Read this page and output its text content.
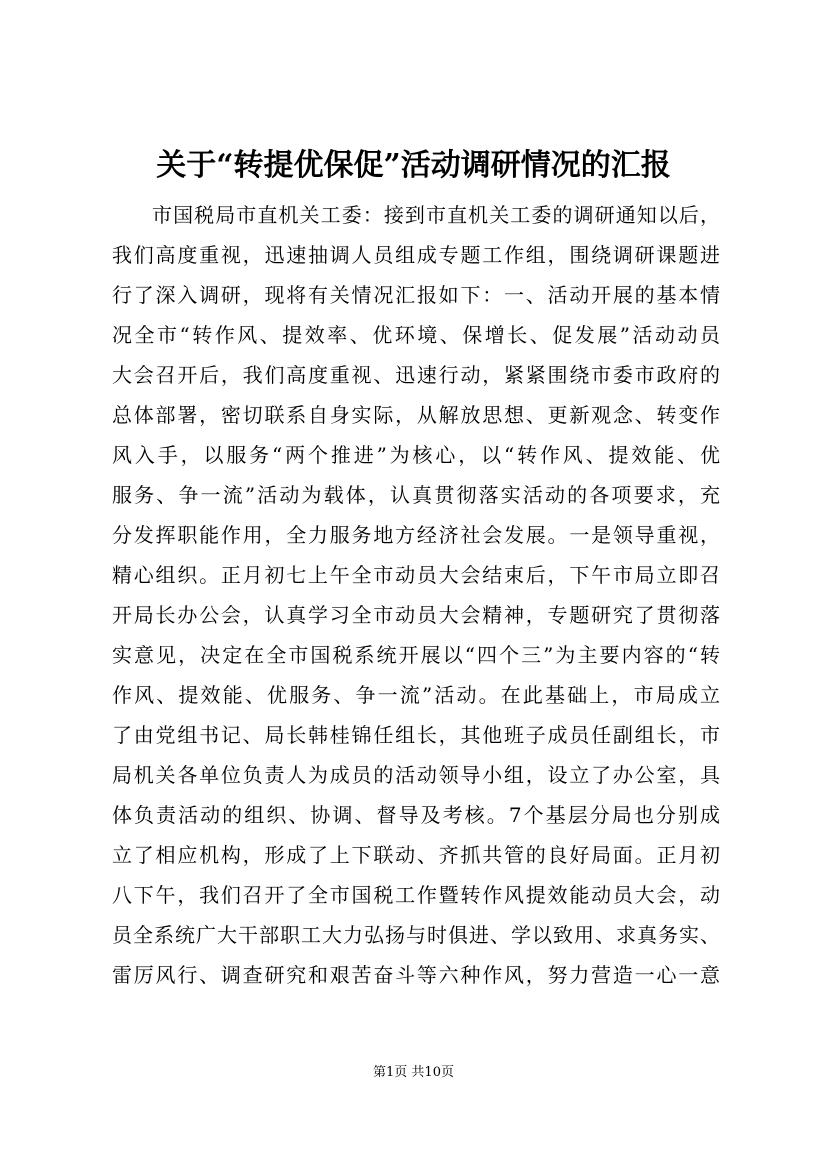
关于“转提优保促”活动调研情况的汇报
市国税局市直机关工委：接到市直机关工委的调研通知以后，
我们高度重视，迅速抽调人员组成专题工作组，围绕调研课题进
行了深入调研，现将有关情况汇报如下：一、活动开展的基本情
况全市“转作风、提效率、优环境、保增长、促发展”活动动员
大会召开后，我们高度重视、迅速行动，紧紧围绕市委市政府的
总体部署，密切联系自身实际，从解放思想、更新观念、转变作
风入手，以服务“两个推进”为核心，以“转作风、提效能、优
服务、争一流”活动为载体，认真贯彻落实活动的各项要求，充
分发挥职能作用，全力服务地方经济社会发展。一是领导重视，
精心组织。正月初七上午全市动员大会结束后，下午市局立即召
开局长办公会，认真学习全市动员大会精神，专题研究了贯彻落
实意见，决定在全市国税系统开展以“四个三”为主要内容的“转
作风、提效能、优服务、争一流”活动。在此基础上，市局成立
了由党组书记、局长韩桂锦任组长，其他班子成员任副组长，市
局机关各单位负责人为成员的活动领导小组，设立了办公室，具
体负责活动的组织、协调、督导及考核。7个基层分局也分别成
立了相应机构，形成了上下联动、齐抓共管的良好局面。正月初
八下午，我们召开了全市国税工作暨转作风提效能动员大会，动
员全系统广大干部职工大力弘扬与时俱进、学以致用、求真务实、
雷厉风行、调查研究和艰苦奋斗等六种作风，努力营造一心一意
第1页 共10页
